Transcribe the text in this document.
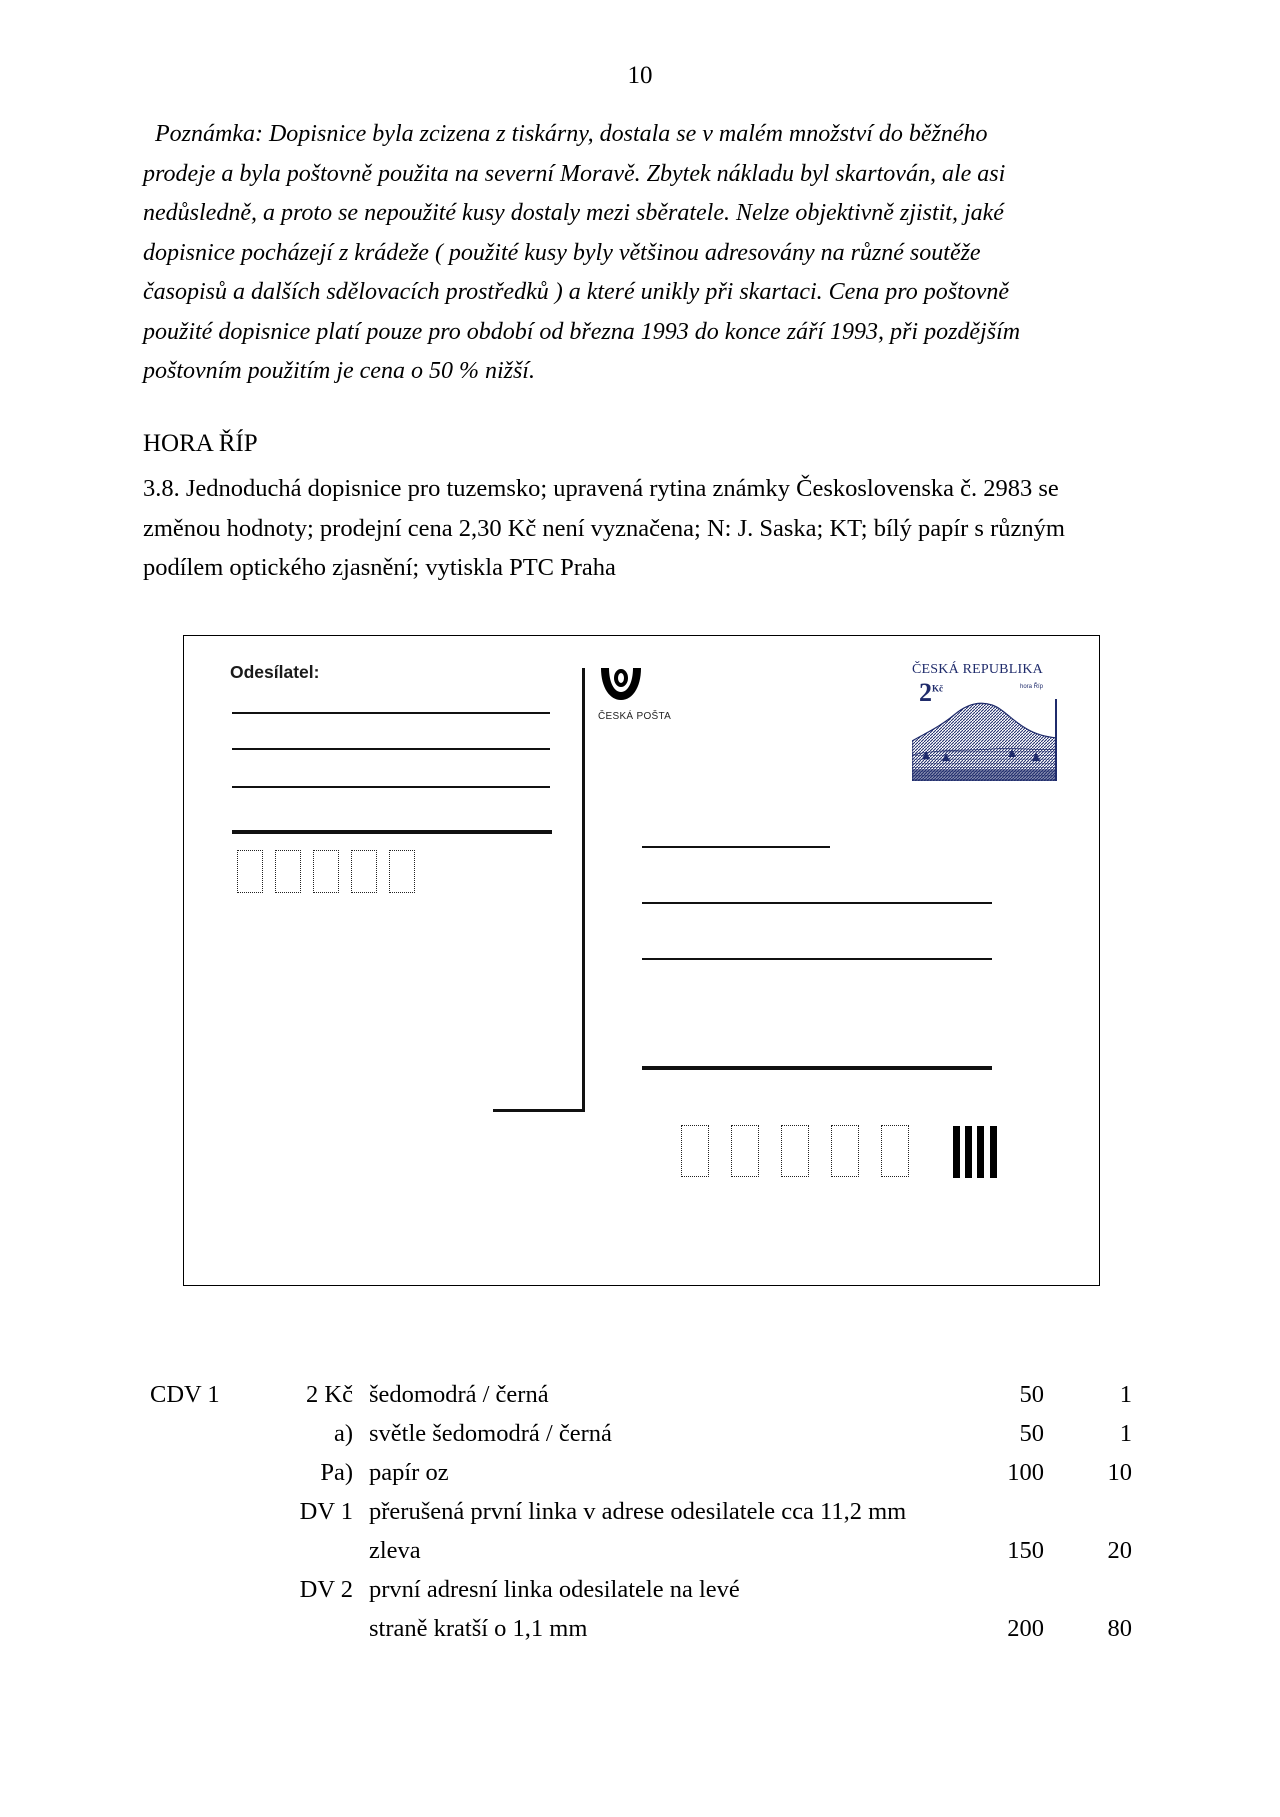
10

Poznámka: Dopisnice byla zcizena z tiskárny, dostala se v malém množství do běžného

prodeje a byla poštovně použita na severní Moravě. Zbytek nákladu byl skartován, ale asi

nedůsledně, a proto se nepoužité kusy dostaly mezi sběratele. Nelze objektivně zjistit, jaké

dopisnice pocházejí z krádeže ( použité kusy byly většinou adresovány na různé soutěže

časopisů a dalších sdělovacích prostředků ) a které unikly při skartaci. Cena pro poštovně

použité dopisnice platí pouze pro období od března 1993 do konce září 1993, při pozdějším

poštovním použitím je cena o 50 % nižší.

HORA ŘÍP

3.8. Jednoduchá dopisnice pro tuzemsko; upravená rytina známky Československa č. 2983 se

změnou hodnoty; prodejní cena 2,30 Kč není vyznačena; N: J. Saska; KT; bílý papír s různým

podílem optického zjasnění; vytiskla PTC Praha

Odesílatel:
ČESKÁ POŠTA
ČESKÁ REPUBLIKA
$2^{Kč}$	hora Říp
CDV 1	2 Kč šedomodrá / černá	50	1
a) světle šedomodrá / černá	50	1
Pa) papír oz	100	10
DV 1 přerušená první linka v adrese odesilatele cca 11,2 mm
zleva	150	20
DV 2 první adresní linka odesilatele na levé
straně kratší o 1,1 mm	200	80
